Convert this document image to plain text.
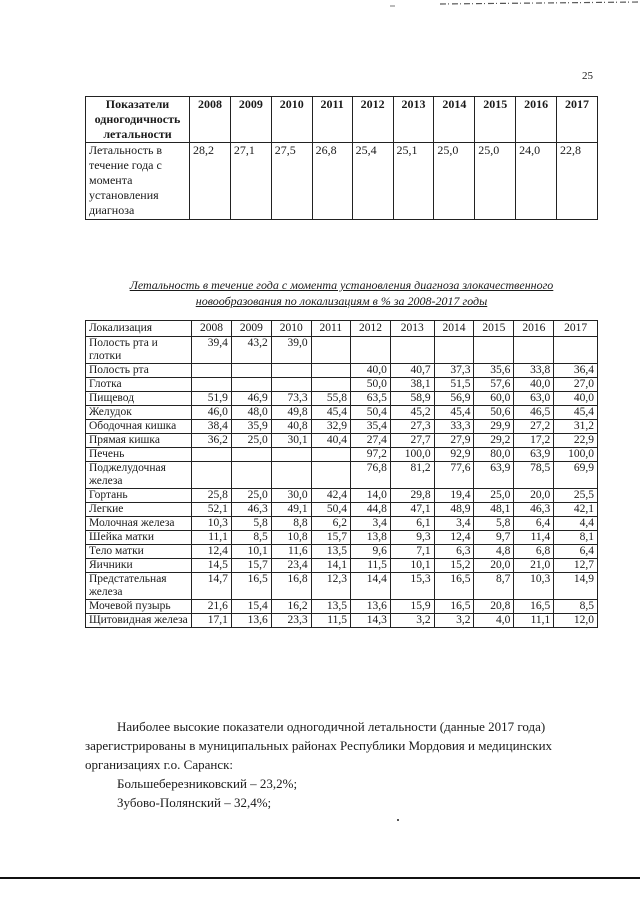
25
Показатели одногодичность летальности	2008	2009	2010	2011	2012	2013	2014	2015	2016	2017
Летальность в течение года с момента установления диагноза	28,2	27,1	27,5	26,8	25,4	25,1	25,0	25,0	24,0	22,8
Летальность в течение года с момента установления диагноза злокачественного
новообразования по локализациям в % за 2008-2017 годы
Локализация	2008	2009	2010	2011	2012	2013	2014	2015	2016	2017
Полость рта и глотки	39,4	43,2	39,0							
Полость рта					40,0	40,7	37,3	35,6	33,8	36,4
Глотка					50,0	38,1	51,5	57,6	40,0	27,0
Пищевод	51,9	46,9	73,3	55,8	63,5	58,9	56,9	60,0	63,0	40,0
Желудок	46,0	48,0	49,8	45,4	50,4	45,2	45,4	50,6	46,5	45,4
Ободочная кишка	38,4	35,9	40,8	32,9	35,4	27,3	33,3	29,9	27,2	31,2
Прямая кишка	36,2	25,0	30,1	40,4	27,4	27,7	27,9	29,2	17,2	22,9
Печень					97,2	100,0	92,9	80,0	63,9	100,0
Поджелудочная железа					76,8	81,2	77,6	63,9	78,5	69,9
Гортань	25,8	25,0	30,0	42,4	14,0	29,8	19,4	25,0	20,0	25,5
Легкие	52,1	46,3	49,1	50,4	44,8	47,1	48,9	48,1	46,3	42,1
Молочная железа	10,3	5,8	8,8	6,2	3,4	6,1	3,4	5,8	6,4	4,4
Шейка матки	11,1	8,5	10,8	15,7	13,8	9,3	12,4	9,7	11,4	8,1
Тело матки	12,4	10,1	11,6	13,5	9,6	7,1	6,3	4,8	6,8	6,4
Яичники	14,5	15,7	23,4	14,1	11,5	10,1	15,2	20,0	21,0	12,7
Предстательная железа	14,7	16,5	16,8	12,3	14,4	15,3	16,5	8,7	10,3	14,9
Мочевой пузырь	21,6	15,4	16,2	13,5	13,6	15,9	16,5	20,8	16,5	8,5
Щитовидная железа	17,1	13,6	23,3	11,5	14,3	3,2	3,2	4,0	11,1	12,0

Наиболее высокие показатели одногодичной летальности (данные 2017 года) зарегистрированы в муниципальных районах Республики Мордовия и медицинских организациях г.о. Саранск:

Большеберезниковский – 23,2%;

Зубово-Полянский – 32,4%;
